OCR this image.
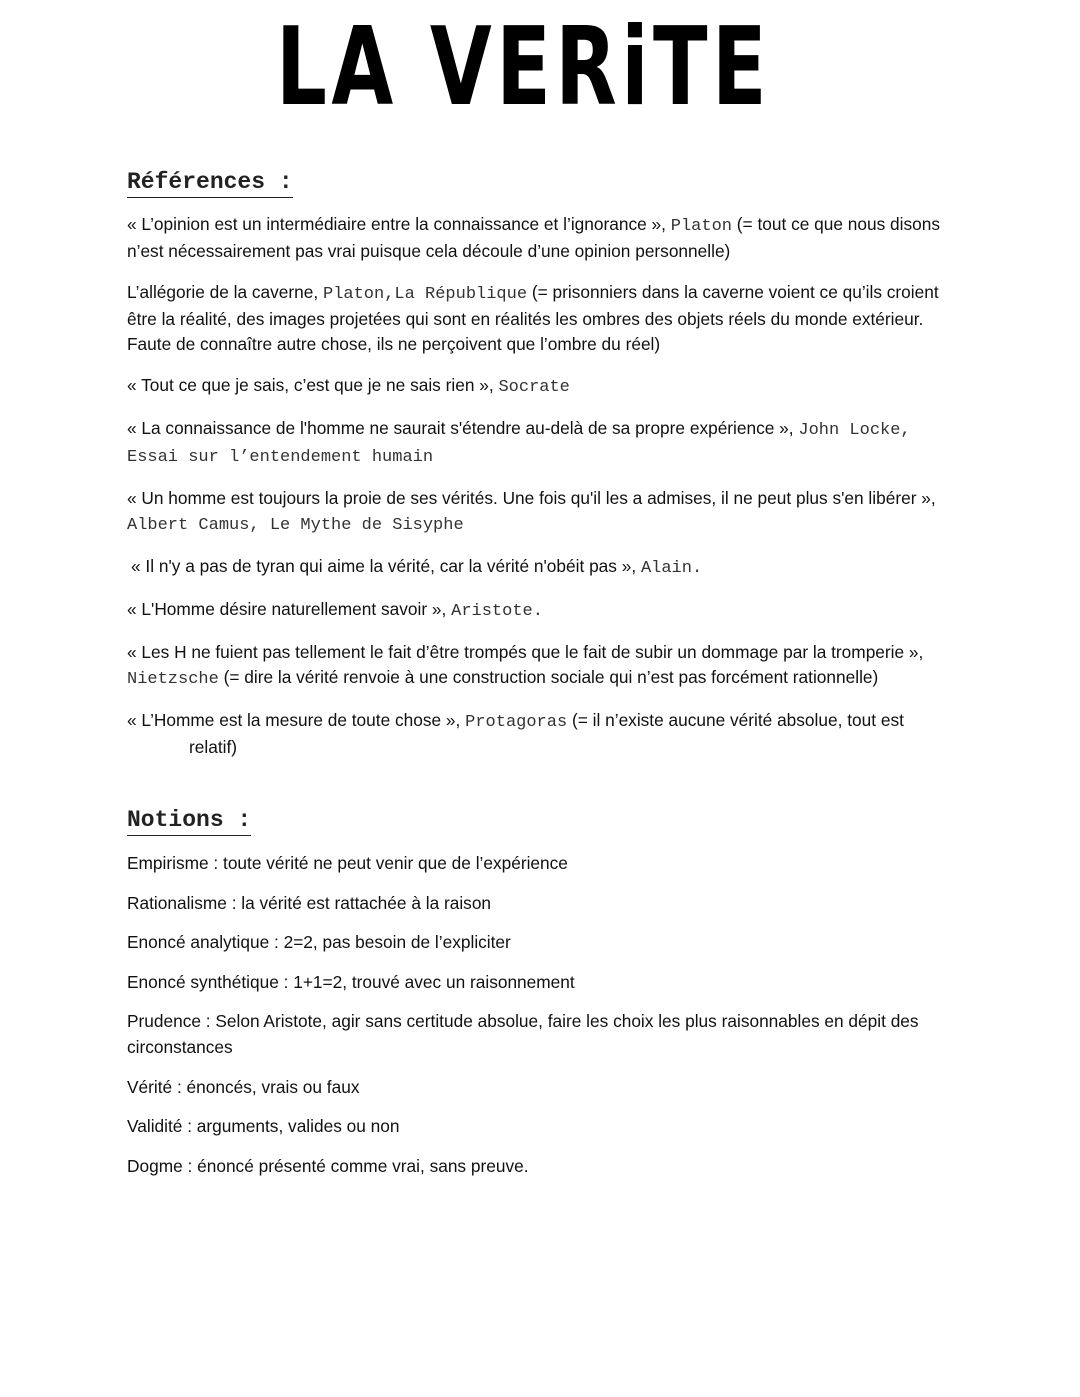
LA VERiTE
Références :

« L’opinion est un intermédiaire entre la connaissance et l’ignorance », Platon (= tout ce que nous disons n’est nécessairement pas vrai puisque cela découle d’une opinion personnelle)

L’allégorie de la caverne, Platon,La République (= prisonniers dans la caverne voient ce qu’ils croient être la réalité, des images projetées qui sont en réalités les ombres des objets réels du monde extérieur. Faute de connaître autre chose, ils ne perçoivent que l’ombre du réel)

« Tout ce que je sais, c’est que je ne sais rien », Socrate

« La connaissance de l'homme ne saurait s'étendre au-delà de sa propre expérience », John Locke, Essai sur l’entendement humain

« Un homme est toujours la proie de ses vérités. Une fois qu'il les a admises, il ne peut plus s'en libérer », Albert Camus, Le Mythe de Sisyphe

« Il n'y a pas de tyran qui aime la vérité, car la vérité n'obéit pas », Alain.

« L'Homme désire naturellement savoir », Aristote.

« Les H ne fuient pas tellement le fait d’être trompés que le fait de subir un dommage par la tromperie », Nietzsche (= dire la vérité renvoie à une construction sociale qui n’est pas forcément rationnelle)

« L’Homme est la mesure de toute chose », Protagoras (= il n’existe aucune vérité absolue, tout est
relatif)

Notions :

Empirisme : toute vérité ne peut venir que de l’expérience

Rationalisme : la vérité est rattachée à la raison

Enoncé analytique : 2=2, pas besoin de l’expliciter

Enoncé synthétique : 1+1=2, trouvé avec un raisonnement

Prudence : Selon Aristote, agir sans certitude absolue, faire les choix les plus raisonnables en dépit des circonstances

Vérité : énoncés, vrais ou faux

Validité : arguments, valides ou non

Dogme : énoncé présenté comme vrai, sans preuve.
